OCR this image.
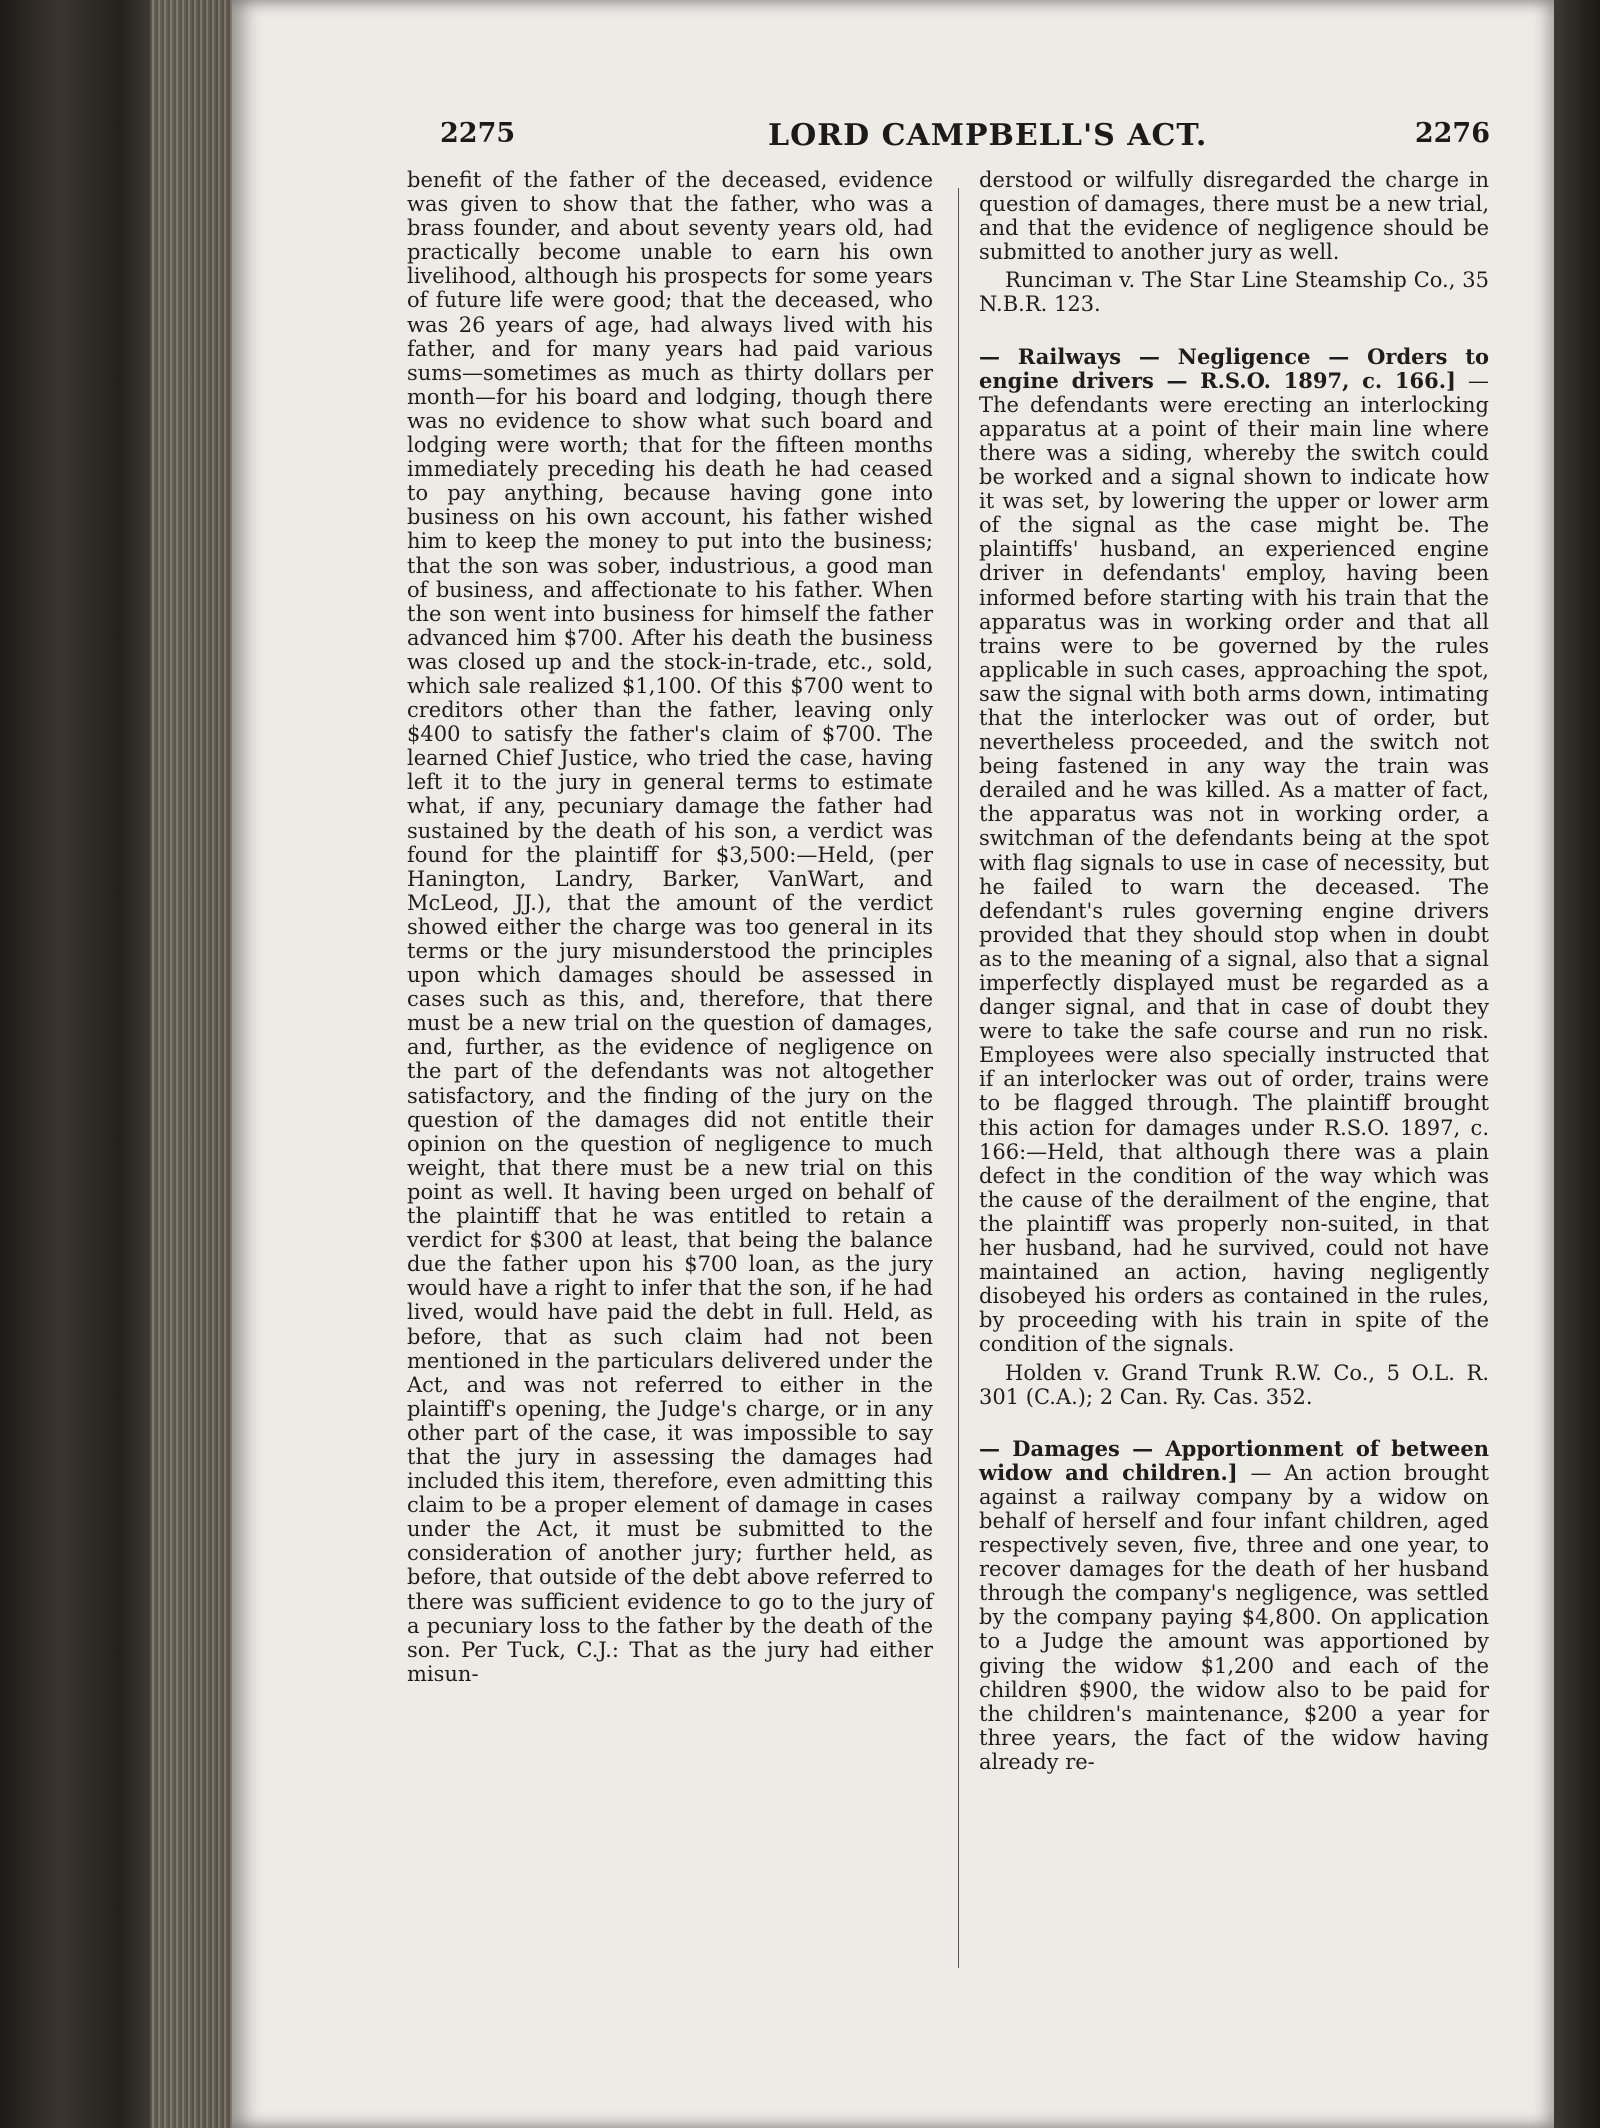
2275	LORD CAMPBELL'S ACT.	2276

benefit of the father of the deceased, evidence was given to show that the father, who was a brass founder, and about seventy years old, had practically become unable to earn his own livelihood, although his prospects for some years of future life were good; that the deceased, who was 26 years of age, had always lived with his father, and for many years had paid various sums—sometimes as much as thirty dollars per month—for his board and lodging, though there was no evidence to show what such board and lodging were worth; that for the fifteen months immediately preceding his death he had ceased to pay anything, because having gone into business on his own account, his father wished him to keep the money to put into the business; that the son was sober, industrious, a good man of business, and affectionate to his father. When the son went into business for himself the father advanced him $700. After his death the business was closed up and the stock-in-trade, etc., sold, which sale realized $1,100. Of this $700 went to creditors other than the father, leaving only $400 to satisfy the father's claim of $700. The learned Chief Justice, who tried the case, having left it to the jury in general terms to estimate what, if any, pecuniary damage the father had sustained by the death of his son, a verdict was found for the plaintiff for $3,500:—Held, (per Hanington, Landry, Barker, VanWart, and McLeod, JJ.), that the amount of the verdict showed either the charge was too general in its terms or the jury misunderstood the principles upon which damages should be assessed in cases such as this, and, therefore, that there must be a new trial on the question of damages, and, further, as the evidence of negligence on the part of the defendants was not altogether satisfactory, and the finding of the jury on the question of the damages did not entitle their opinion on the question of negligence to much weight, that there must be a new trial on this point as well. It having been urged on behalf of the plaintiff that he was entitled to retain a verdict for $300 at least, that being the balance due the father upon his $700 loan, as the jury would have a right to infer that the son, if he had lived, would have paid the debt in full. Held, as before, that as such claim had not been mentioned in the particulars delivered under the Act, and was not referred to either in the plaintiff's opening, the Judge's charge, or in any other part of the case, it was impossible to say that the jury in assessing the damages had included this item, therefore, even admitting this claim to be a proper element of damage in cases under the Act, it must be submitted to the consideration of another jury; further held, as before, that outside of the debt above referred to there was sufficient evidence to go to the jury of a pecuniary loss to the father by the death of the son. Per Tuck, C.J.: That as the jury had either misun-

derstood or wilfully disregarded the charge in question of damages, there must be a new trial, and that the evidence of negligence should be submitted to another jury as well.

Runciman v. The Star Line Steamship Co., 35 N.B.R. 123.

— Railways — Negligence — Orders to engine drivers — R.S.O. 1897, c. 166.] — The defendants were erecting an interlocking apparatus at a point of their main line where there was a siding, whereby the switch could be worked and a signal shown to indicate how it was set, by lowering the upper or lower arm of the signal as the case might be. The plaintiffs' husband, an experienced engine driver in defendants' employ, having been informed before starting with his train that the apparatus was in working order and that all trains were to be governed by the rules applicable in such cases, approaching the spot, saw the signal with both arms down, intimating that the interlocker was out of order, but nevertheless proceeded, and the switch not being fastened in any way the train was derailed and he was killed. As a matter of fact, the apparatus was not in working order, a switchman of the defendants being at the spot with flag signals to use in case of necessity, but he failed to warn the deceased. The defendant's rules governing engine drivers provided that they should stop when in doubt as to the meaning of a signal, also that a signal imperfectly displayed must be regarded as a danger signal, and that in case of doubt they were to take the safe course and run no risk. Employees were also specially instructed that if an interlocker was out of order, trains were to be flagged through. The plaintiff brought this action for damages under R.S.O. 1897, c. 166:—Held, that although there was a plain defect in the condition of the way which was the cause of the derailment of the engine, that the plaintiff was properly non-suited, in that her husband, had he survived, could not have maintained an action, having negligently disobeyed his orders as contained in the rules, by proceeding with his train in spite of the condition of the signals.

Holden v. Grand Trunk R.W. Co., 5 O.L. R. 301 (C.A.); 2 Can. Ry. Cas. 352.

— Damages — Apportionment of between widow and children.] — An action brought against a railway company by a widow on behalf of herself and four infant children, aged respectively seven, five, three and one year, to recover damages for the death of her husband through the company's negligence, was settled by the company paying $4,800. On application to a Judge the amount was apportioned by giving the widow $1,200 and each of the children $900, the widow also to be paid for the children's maintenance, $200 a year for three years, the fact of the widow having already re-
